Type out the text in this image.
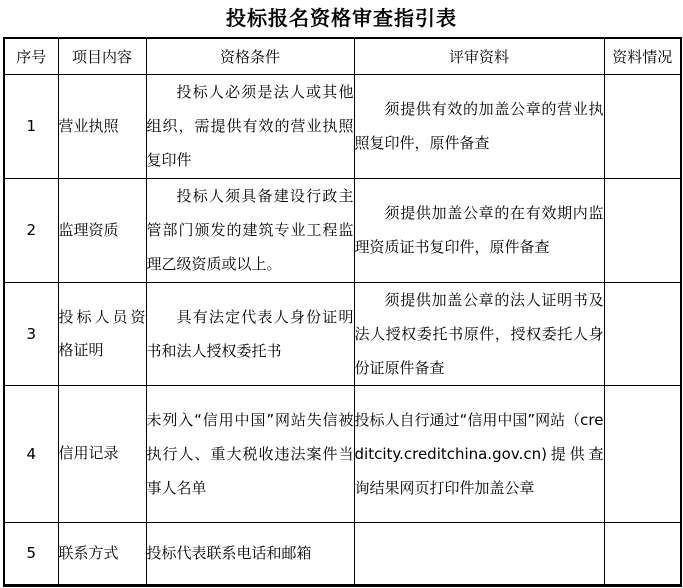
投标报名资格审查指引表
序号	项目内容	资格条件	评审资料	资料情况
1	营业执照	投标人必须是法人或其他组织，需提供有效的营业执照复印件	须提供有效的加盖公章的营业执照复印件，原件备查	
2	监理资质	投标人须具备建设行政主管部门颁发的建筑专业工程监理乙级资质或以上。	须提供加盖公章的在有效期内监理资质证书复印件，原件备查	
3	投标人员资格证明	具有法定代表人身份证明书和法人授权委托书	须提供加盖公章的法人证明书及法人授权委托书原件，授权委托人身份证原件备查	
4	信用记录	未列入“信用中国”网站失信被执行人、重大税收违法案件当事人名单	投标人自行通过“信用中国”网站（creditcity.creditchina.gov.cn)提供查询结果网页打印件加盖公章	
5	联系方式	投标代表联系电话和邮箱		
